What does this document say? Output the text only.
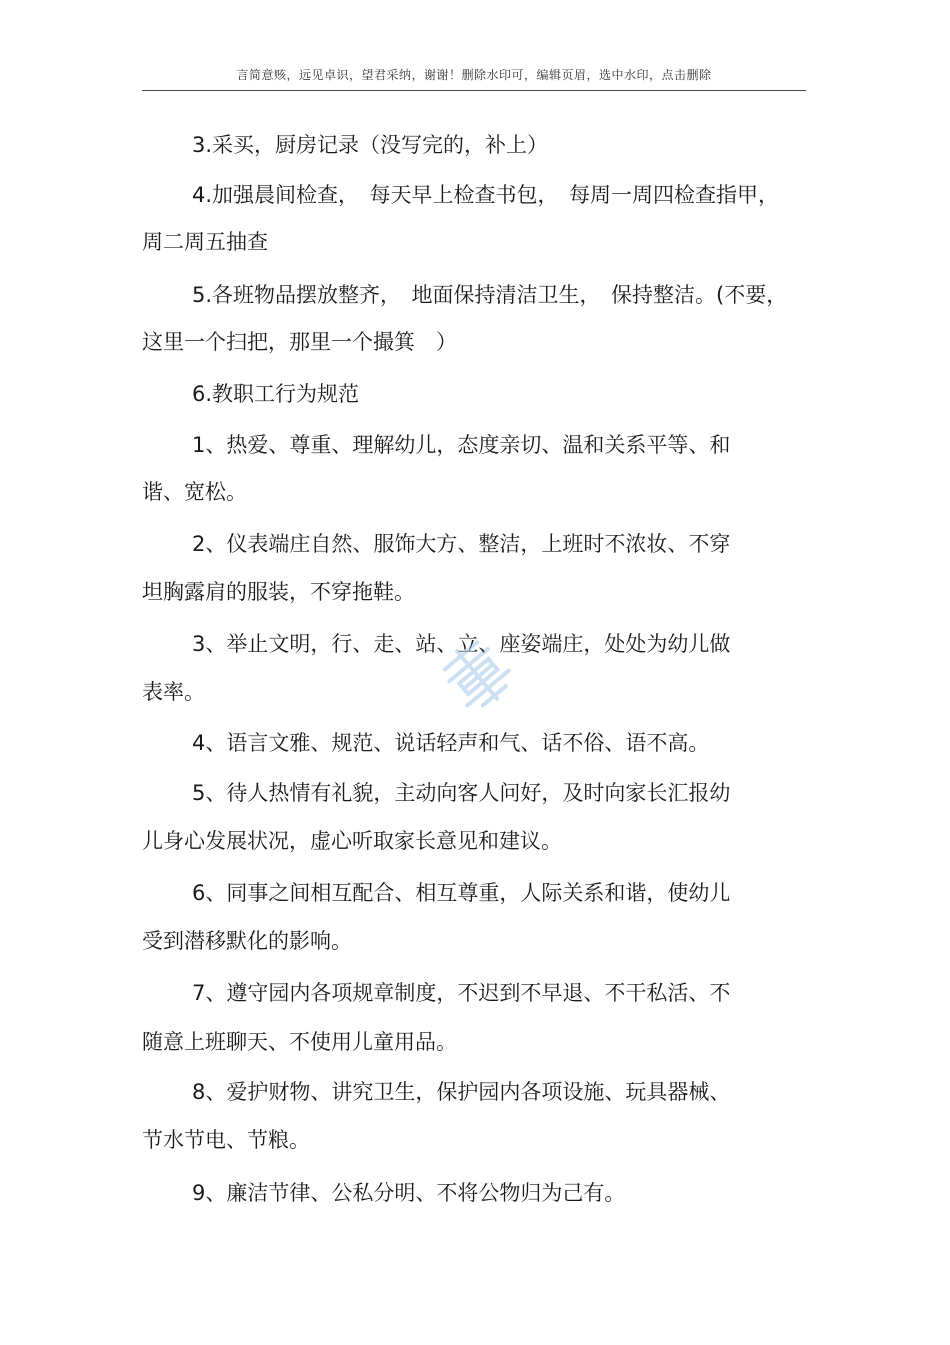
言简意赅，远见卓识，望君采纳，谢谢！删除水印可，编辑页眉，选中水印，点击删除
3.采买，厨房记录（没写完的，补上）
4.加强晨间检查，　每天早上检查书包，　每周一周四检查指甲，
周二周五抽查
5.各班物品摆放整齐，　地面保持清洁卫生，　保持整洁。(不要，
这里一个扫把，那里一个撮箕　）
6.教职工行为规范
1、热爱、尊重、理解幼儿，态度亲切、温和关系平等、和
谐、宽松。
2、仪表端庄自然、服饰大方、整洁，上班时不浓妆、不穿
坦胸露肩的服装，不穿拖鞋。
3、举止文明，行、走、站、立、座姿端庄，处处为幼儿做
表率。
4、语言文雅、规范、说话轻声和气、话不俗、语不高。
5、待人热情有礼貌，主动向客人问好，及时向家长汇报幼
儿身心发展状况，虚心听取家长意见和建议。
6、同事之间相互配合、相互尊重，人际关系和谐，使幼儿
受到潜移默化的影响。
7、遵守园内各项规章制度，不迟到不早退、不干私活、不
随意上班聊天、不使用儿童用品。
8、爱护财物、讲究卫生，保护园内各项设施、玩具器械、
节水节电、节粮。
9、廉洁节律、公私分明、不将公物归为己有。
